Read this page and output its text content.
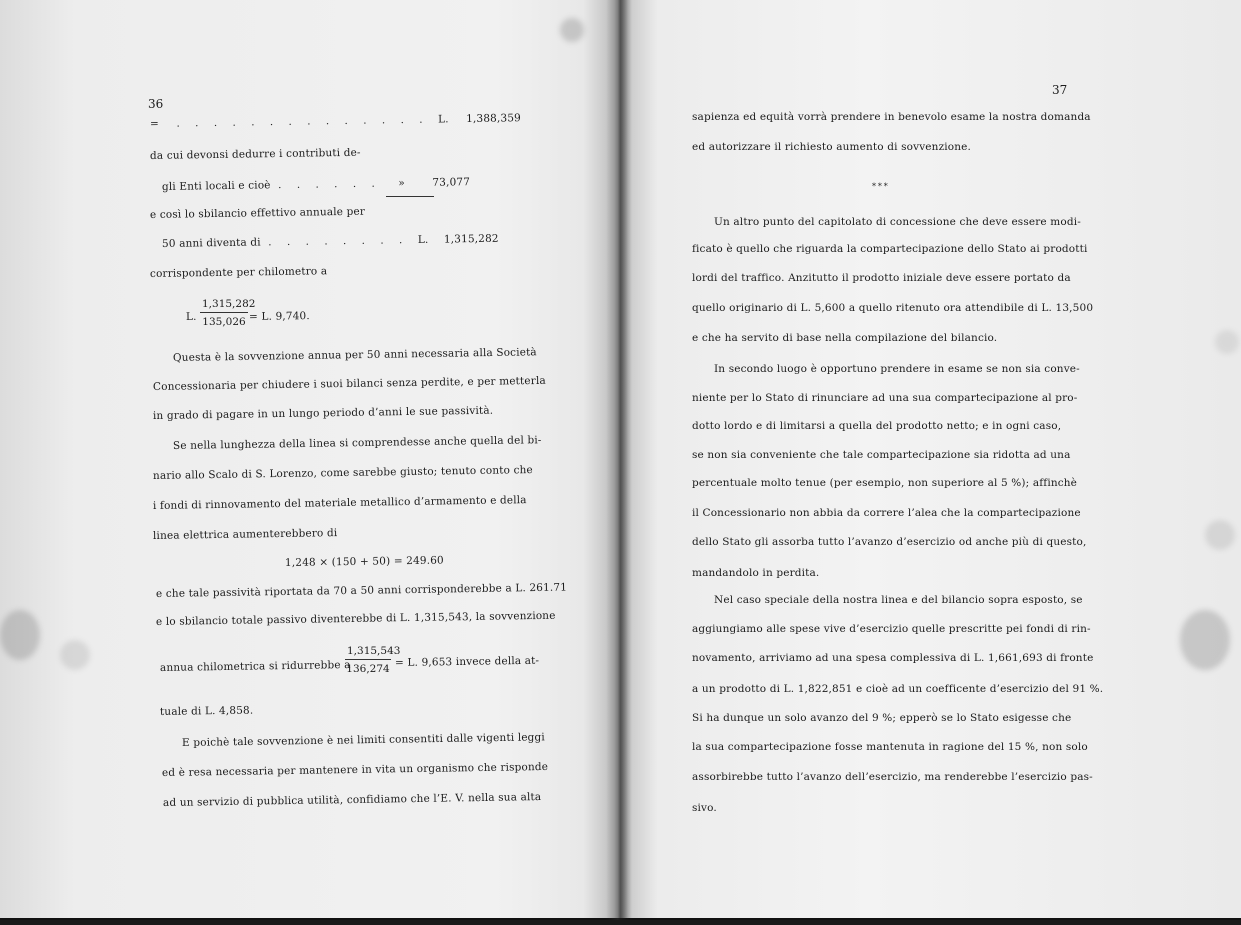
36
= . . . . . . . . . . . . . . L. 1,388,359
da cui devonsi dedurre i contributi de-
gli Enti locali e cioè . . . . . . »	73,077
e così lo sbilancio effettivo annuale per
50 anni diventa di . . . . . . . . L. 1,315,282
corrispondente per chilometro a
L.
1,315,282
135,026 = L. 9,740.
Questa è la sovvenzione annua per 50 anni necessaria alla Società
Concessionaria per chiudere i suoi bilanci senza perdite, e per metterla
in grado di pagare in un lungo periodo d’anni le sue passività.
Se nella lunghezza della linea si comprendesse anche quella del bi-
nario allo Scalo di S. Lorenzo, come sarebbe giusto; tenuto conto che
i fondi di rinnovamento del materiale metallico d’armamento e della
linea elettrica aumenterebbero di
1,248 × (150 + 50) = 249.60
e che tale passività riportata da 70 a 50 anni corrisponderebbe a L. 261.71
e lo sbilancio totale passivo diventerebbe di L. 1,315,543, la sovvenzione
annua chilometrica si ridurrebbe a
1,315,543
136,274
= L. 9,653 invece della at-
tuale di L. 4,858.
E poichè tale sovvenzione è nei limiti consentiti dalle vigenti leggi
ed è resa necessaria per mantenere in vita un organismo che risponde
ad un servizio di pubblica utilità, confidiamo che l’E. V. nella sua alta
37
sapienza ed equità vorrà prendere in benevolo esame la nostra domanda
ed autorizzare il richiesto aumento di sovvenzione.
* * *
Un altro punto del capitolato di concessione che deve essere modi-
ficato è quello che riguarda la compartecipazione dello Stato ai prodotti
lordi del traffico. Anzitutto il prodotto iniziale deve essere portato da
quello originario di L. 5,600 a quello ritenuto ora attendibile di L. 13,500
e che ha servito di base nella compilazione del bilancio.
In secondo luogo è opportuno prendere in esame se non sia conve-
niente per lo Stato di rinunciare ad una sua compartecipazione al pro-
dotto lordo e di limitarsi a quella del prodotto netto; e in ogni caso,
se non sia conveniente che tale compartecipazione sia ridotta ad una
percentuale molto tenue (per esempio, non superiore al 5 %); affinchè
il Concessionario non abbia da correre l’alea che la compartecipazione
dello Stato gli assorba tutto l’avanzo d’esercizio od anche più di questo,
mandandolo in perdita.
Nel caso speciale della nostra linea e del bilancio sopra esposto, se
aggiungiamo alle spese vive d’esercizio quelle prescritte pei fondi di rin-
novamento, arriviamo ad una spesa complessiva di L. 1,661,693 di fronte
a un prodotto di L. 1,822,851 e cioè ad un coefficente d’esercizio del 91 %.
Si ha dunque un solo avanzo del 9 %; epperò se lo Stato esigesse che
la sua compartecipazione fosse mantenuta in ragione del 15 %, non solo
assorbirebbe tutto l’avanzo dell’esercizio, ma renderebbe l’esercizio pas-
sivo.
